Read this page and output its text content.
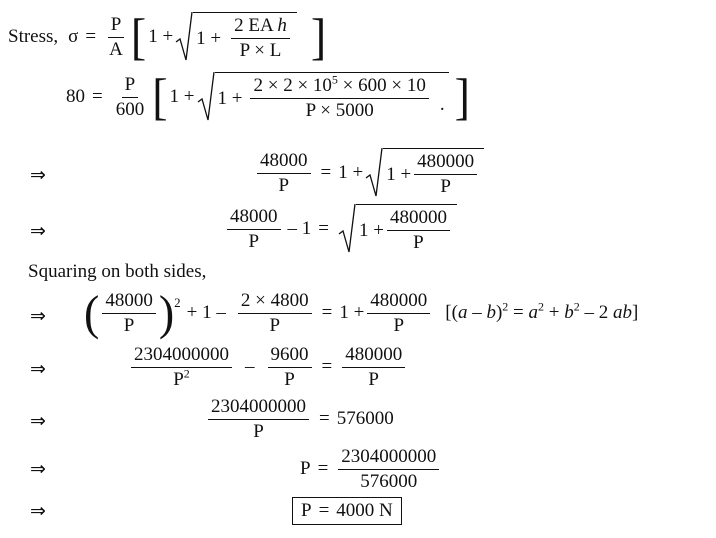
Stress, $\sigma = \frac{P}{A}$ [ $1 + 1 + \frac{\text{2 EA h}}{P \times L}$ ]
$80 = \frac{P}{600}$ [ $1 + 1 + \frac{2 \times 2 \times 10^5 \times 600 \times 10}{P \times 5000}$ . ]
⇒	$\frac{48000}{P} = 1 + 1 + \frac{480000}{P}$
⇒	$\frac{48000}{P} - 1 = 1 + \frac{480000}{P}$
Squaring on both sides,
⇒ ( $\frac{48000}{P} )^2 + 1 - \frac{2 \times 4800}{P} = 1 + \frac{480000}{P} [(a - b)^2 = a^2 + b^2 - 2$ ab]
⇒	$\frac{2304000000}{P^2} - \frac{9600}{P} = \frac{480000}{P}$
⇒	$\frac{2304000000}{P} = 576000$
⇒	$P = \frac{2304000000}{576000}$
⇒	P = 4000 N
